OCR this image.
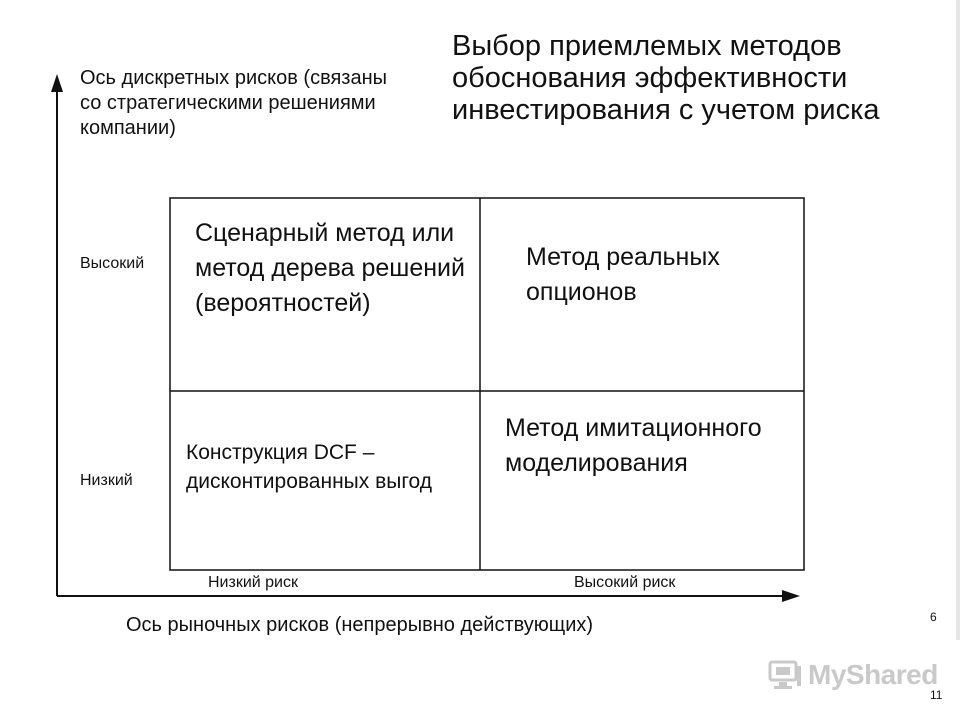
Выбор приемлемых методов обоснования эффективности инвестирования с учетом риска
Ось дискретных рисков (связаны со стратегическими решениями компании)
Высокий
Низкий
Сценарный метод или метод дерева решений (вероятностей)
Метод реальных опционов
Конструкция DCF – дисконтированных выгод
Метод имитационного моделирования
Низкий риск	Высокий риск
Ось рыночных рисков (непрерывно действующих)	6
11
MyShared
